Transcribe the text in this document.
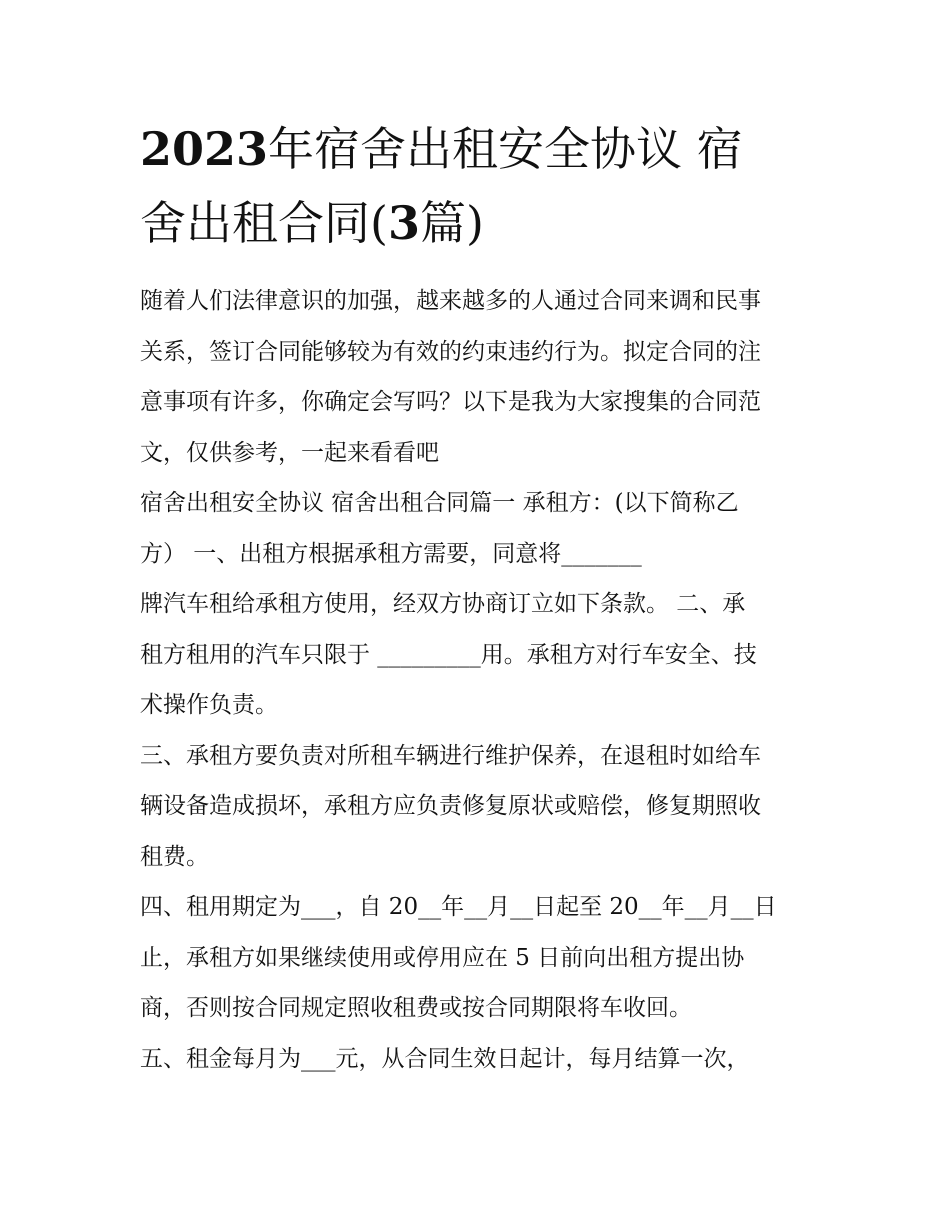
2023年宿舍出租安全协议 宿
舍出租合同(3篇)

随着人们法律意识的加强，越来越多的人通过合同来调和民事
关系，签订合同能够较为有效的约束违约行为。拟定合同的注
意事项有许多，你确定会写吗？以下是我为大家搜集的合同范
文，仅供参考，一起来看看吧

宿舍出租安全协议 宿舍出租合同篇一 承租方：(以下简称乙
方） 一、出租方根据承租方需要，同意将_______
牌汽车租给承租方使用，经双方协商订立如下条款。 二、承
租方租用的汽车只限于 _________用。承租方对行车安全、技
术操作负责。

三、承租方要负责对所租车辆进行维护保养，在退租时如给车
辆设备造成损坏，承租方应负责修复原状或赔偿，修复期照收
租费。

四、租用期定为___，自 20__年__月__日起至 20__年__月__日
止，承租方如果继续使用或停用应在 5 日前向出租方提出协
商，否则按合同规定照收租费或按合同期限将车收回。

五、租金每月为___元，从合同生效日起计，每月结算一次，
